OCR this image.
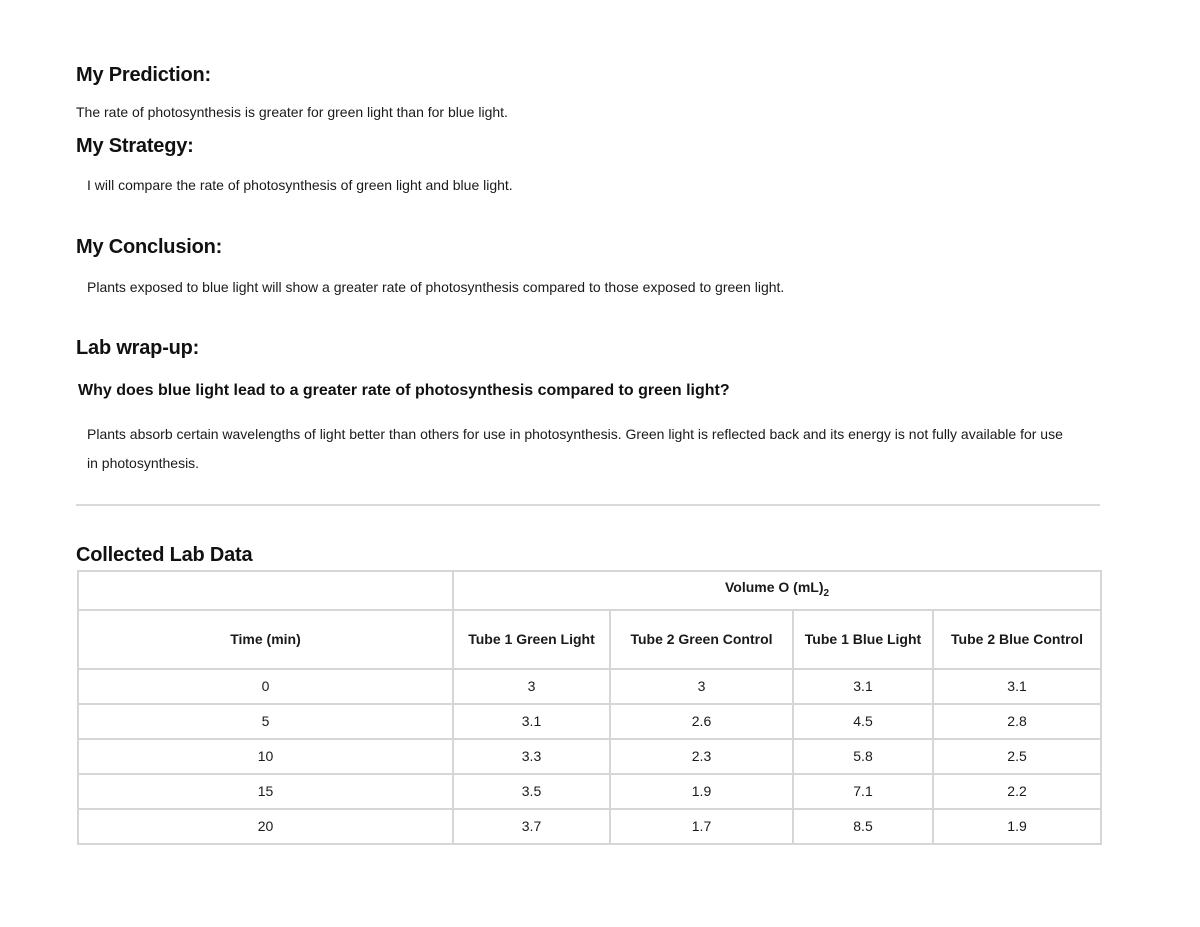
My Prediction:

The rate of photosynthesis is greater for green light than for blue light.

My Strategy:

I will compare the rate of photosynthesis of green light and blue light.

My Conclusion:

Plants exposed to blue light will show a greater rate of photosynthesis compared to those exposed to green light.

Lab wrap-up:

Why does blue light lead to a greater rate of photosynthesis compared to green light?

Plants absorb certain wavelengths of light better than others for use in photosynthesis. Green light is reflected back and its energy is not fully available for use

in photosynthesis.

Collected Lab Data
	Volume O $(mL)_2$
Time (min)	Tube 1 Green Light	Tube 2 Green Control	Tube 1 Blue Light	Tube 2 Blue Control
0	3	3	3.1	3.1
5	3.1	2.6	4.5	2.8
10	3.3	2.3	5.8	2.5
15	3.5	1.9	7.1	2.2
20	3.7	1.7	8.5	1.9
